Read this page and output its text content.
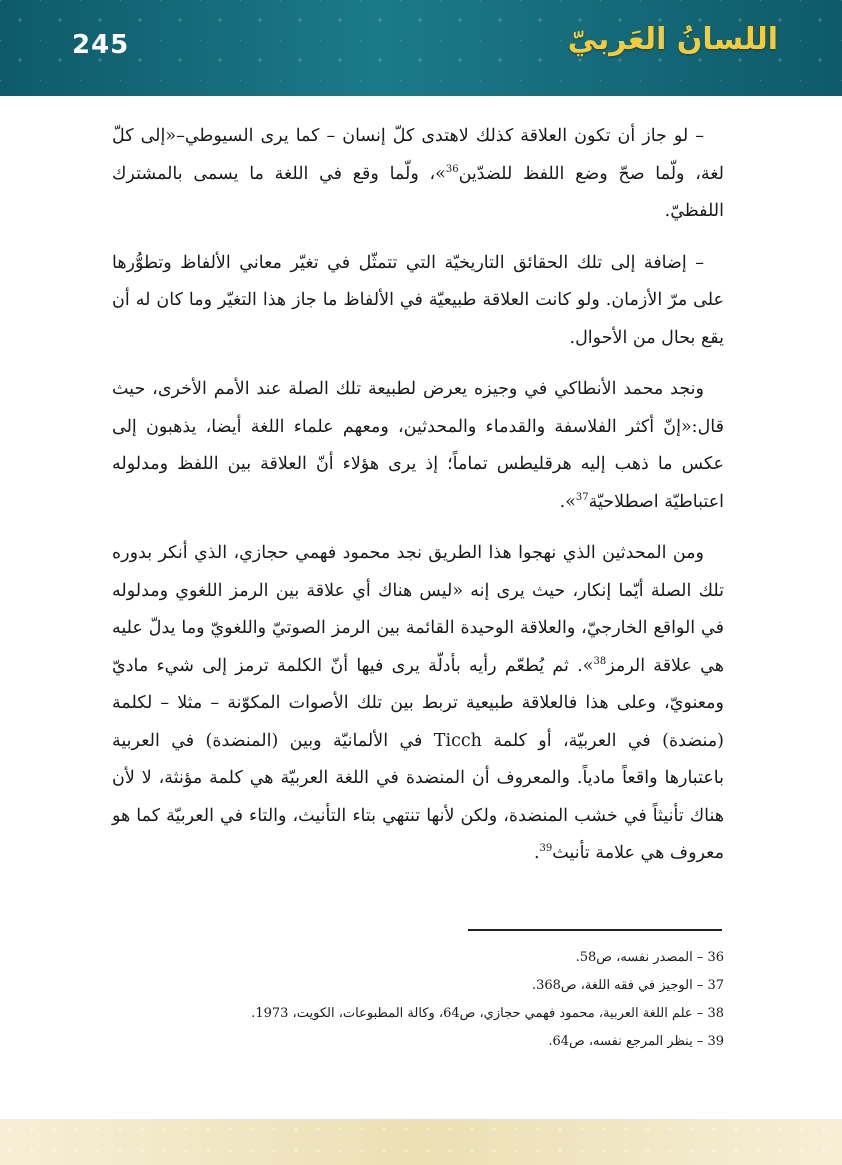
245	اللسانُ العَربيّ

– لو جاز أن تكون العلاقة كذلك لاهتدى كلّ إنسان – كما يرى السيوطي–«إلى كلّ لغة، ولّما صحّ وضع اللفظ للضدّين$^{36}$»، ولّما وقع في اللغة ما يسمى بالمشترك اللفظيّ.

– إضافة إلى تلك الحقائق التاريخيّة التي تتمثّل في تغيّر معاني الألفاظ وتطوُّرها على مرّ الأزمان. ولو كانت العلاقة طبيعيّة في الألفاظ ما جاز هذا التغيّر وما كان له أن يقع بحال من الأحوال.

ونجد محمد الأنطاكي في وجيزه يعرض لطبيعة تلك الصلة عند الأمم الأخرى، حيث قال:«إنّ أكثر الفلاسفة والقدماء والمحدثين، ومعهم علماء اللغة أيضا، يذهبون إلى عكس ما ذهب إليه هرقليطس تماماً؛ إذ يرى هؤلاء أنّ العلاقة بين اللفظ ومدلوله اعتباطيّة اصطلاحيّة$^{37}$».

ومن المحدثين الذي نهجوا هذا الطريق نجد محمود فهمي حجازي، الذي أنكر بدوره تلك الصلة أيّما إنكار، حيث يرى إنه «ليس هناك أي علاقة بين الرمز اللغوي ومدلوله في الواقع الخارجيّ، والعلاقة الوحيدة القائمة بين الرمز الصوتيّ واللغويّ وما يدلّ عليه هي علاقة الرمز$^{38}$». ثم يُطعّم رأيه بأدلّة يرى فيها أنّ الكلمة ترمز إلى شيء ماديّ ومعنويّ، وعلى هذا فالعلاقة طبيعية تربط بين تلك الأصوات المكوّنة – مثلا – لكلمة (منضدة) في العربيّة، أو كلمة Ticch في الألمانيّة وبين (المنضدة) في العربية باعتبارها واقعاً مادياً. والمعروف أن المنضدة في اللغة العربيّة هي كلمة مؤنثة، لا لأن هناك تأنيثاً في خشب المنضدة، ولكن لأنها تنتهي بتاء التأنيث، والتاء في العربيّة كما هو معروف هي علامة تأنيث$^{39}$.

36 – المصدر نفسه، ص58.
37 – الوجيز في فقه اللغة، ص368.
38 – علم اللغة العربية، محمود فهمي حجازي، ص64، وكالة المطبوعات، الكويت، 1973.
39 – ينظر المرجع نفسه، ص64.
